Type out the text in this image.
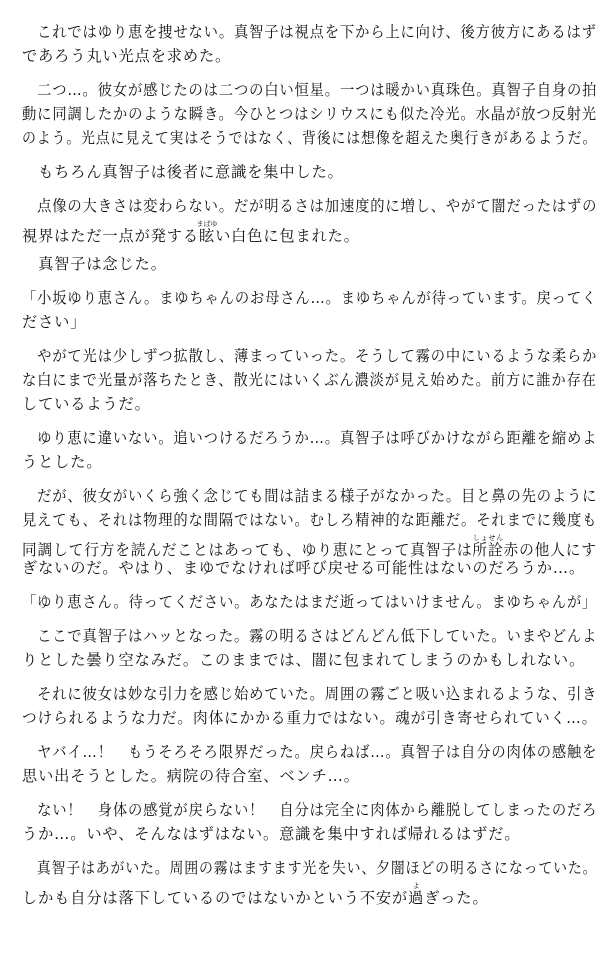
　これではゆり恵を捜せない。真智子は視点を下から上に向け、後方彼方にあるはず
であろう丸い光点を求めた。
　二つ…。彼女が感じたのは二つの白い恒星。一つは暖かい真珠色。真智子自身の拍
動に同調したかのような瞬き。今ひとつはシリウスにも似た冷光。水晶が放つ反射光
のよう。光点に見えて実はそうではなく、背後には想像を超えた奥行きがあるようだ。
　もちろん真智子は後者に意識を集中した。
　点像の大きさは変わらない。だが明るさは加速度的に増し、やがて闇だったはずの
視界はただ一点が発する眩まばゆい白色に包まれた。
　真智子は念じた。
「小坂ゆり恵さん。まゆちゃんのお母さん…。まゆちゃんが待っています。戻ってく
ださい」
　やがて光は少しずつ拡散し、薄まっていった。そうして霧の中にいるような柔らか
な白にまで光量が落ちたとき、散光にはいくぶん濃淡が見え始めた。前方に誰か存在
しているようだ。
　ゆり恵に違いない。追いつけるだろうか…。真智子は呼びかけながら距離を縮めよ
うとした。
　だが、彼女がいくら強く念じても間は詰まる様子がなかった。目と鼻の先のように
見えても、それは物理的な間隔ではない。むしろ精神的な距離だ。それまでに幾度も
同調して行方を読んだことはあっても、ゆり恵にとって真智子は所詮しょせん赤の他人にす
ぎないのだ。やはり、まゆでなければ呼び戻せる可能性はないのだろうか…。
「ゆり恵さん。待ってください。あなたはまだ逝ってはいけません。まゆちゃんが」
　ここで真智子はハッとなった。霧の明るさはどんどん低下していた。いまやどんよ
りとした曇り空なみだ。このままでは、闇に包まれてしまうのかもしれない。
　それに彼女は妙な引力を感じ始めていた。周囲の霧ごと吸い込まれるような、引き
つけられるような力だ。肉体にかかる重力ではない。魂が引き寄せられていく…。
　ヤバイ…！　もうそろそろ限界だった。戻らねば…。真智子は自分の肉体の感触を
思い出そうとした。病院の待合室、ベンチ…。
　ない！　身体の感覚が戻らない！　自分は完全に肉体から離脱してしまったのだろ
うか…。いや、そんなはずはない。意識を集中すれば帰れるはずだ。
　真智子はあがいた。周囲の霧はますます光を失い、夕闇ほどの明るさになっていた。
しかも自分は落下しているのではないかという不安が過よぎった。
